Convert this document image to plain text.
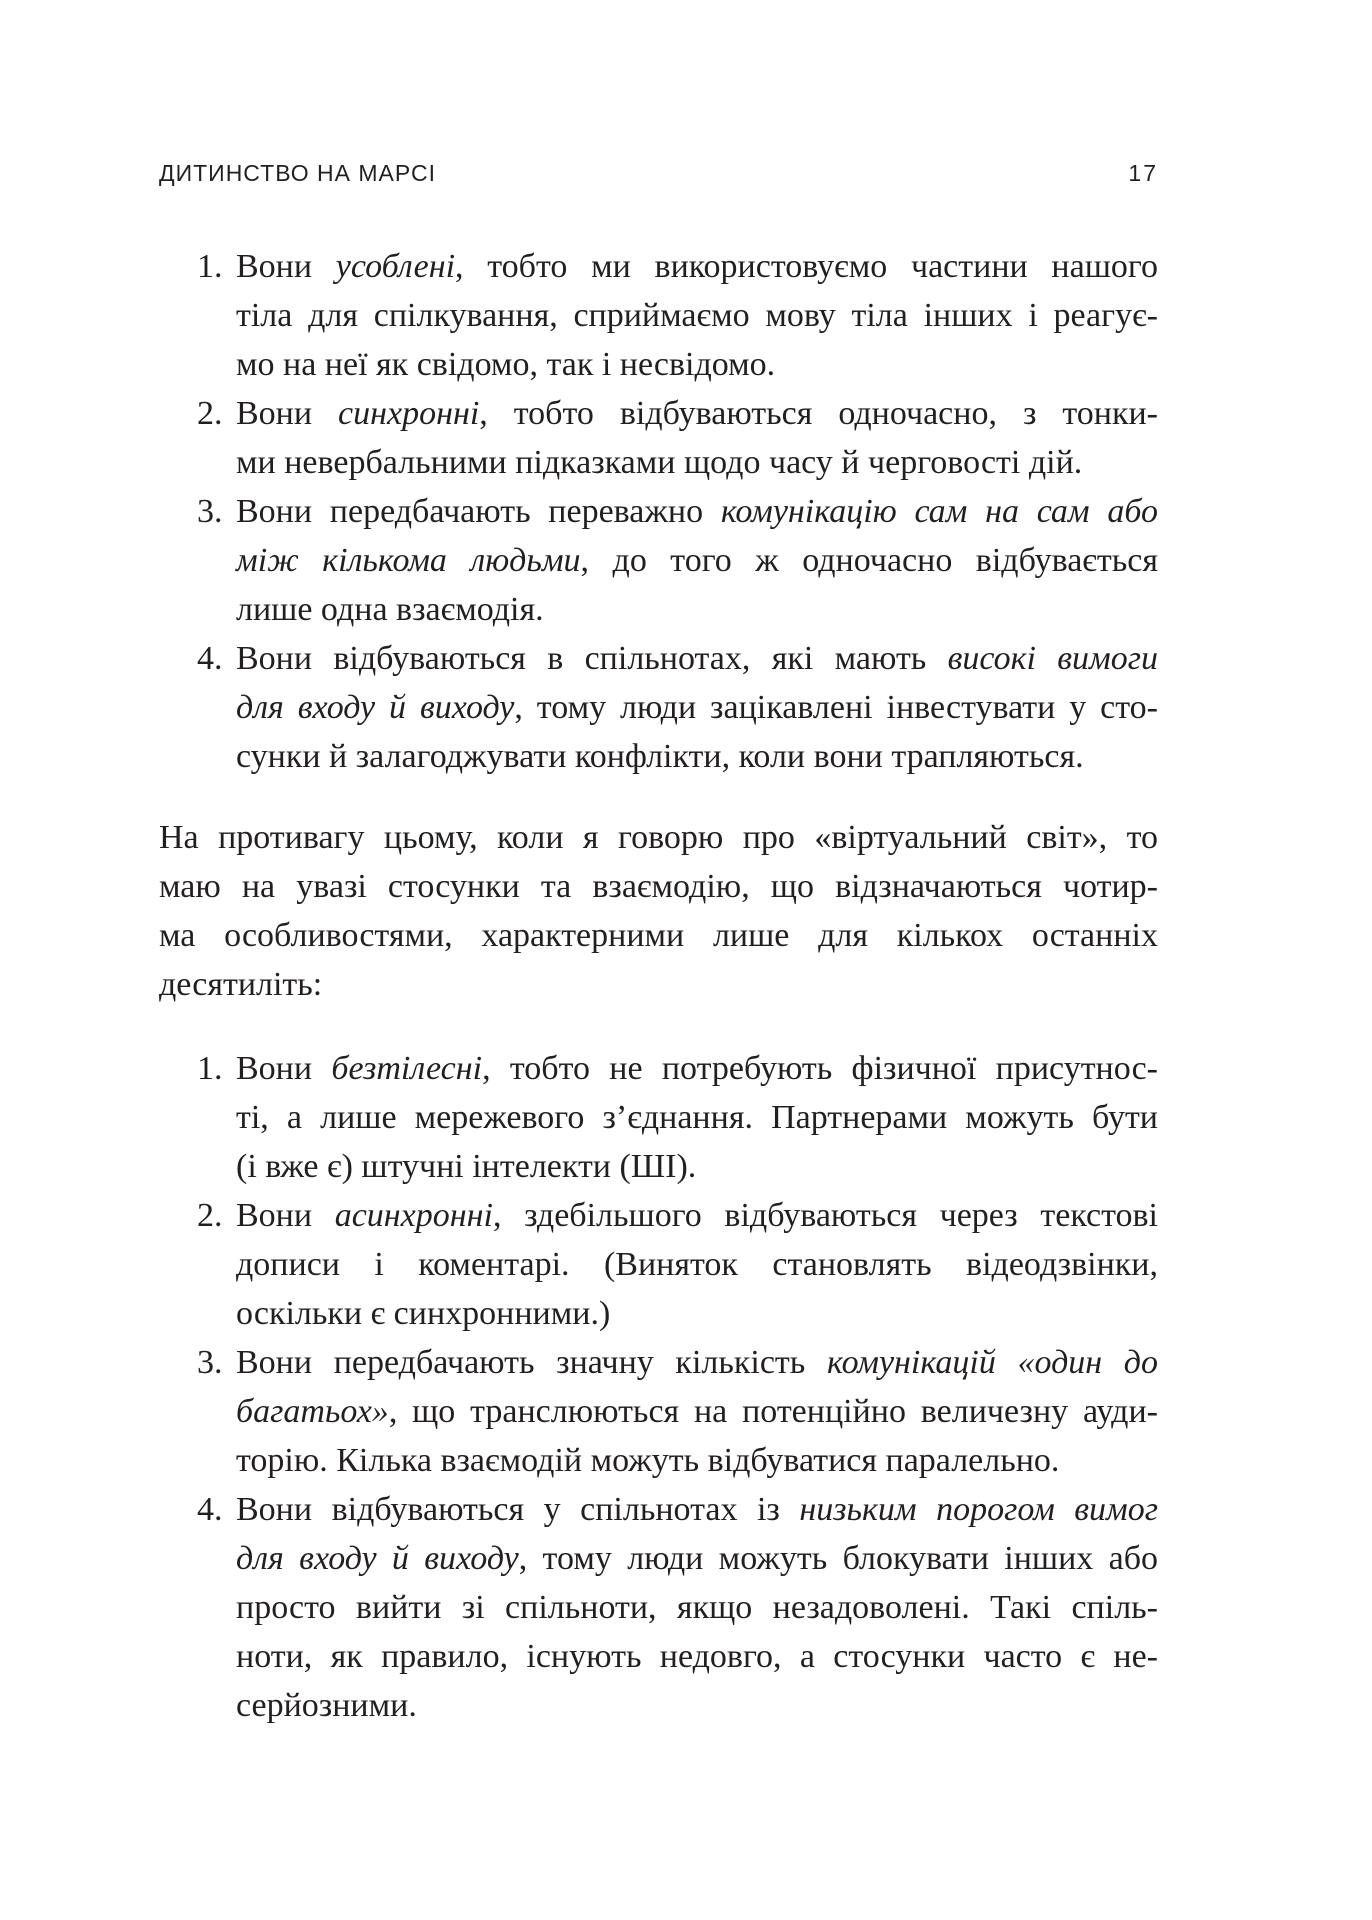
ДИТИНСТВО НА МАРСІ	17
1. Вони усоблені, тобто ми використовуємо частини нашого
тіла для спілкування, сприймаємо мову тіла інших і реагує-
мо на неї як свідомо, так і несвідомо.
2. Вони синхронні, тобто відбуваються одночасно, з тонки-
ми невербальними підказками щодо часу й черговості дій.
3. Вони передбачають переважно комунікацію сам на сам або
між кількома людьми, до того ж одночасно відбувається
лише одна взаємодія.
4. Вони відбуваються в спільнотах, які мають високі вимоги
для входу й виходу, тому люди зацікавлені інвестувати у сто-
сунки й залагоджувати конфлікти, коли вони трапляються.
На противагу цьому, коли я говорю про «віртуальний світ», то
маю на увазі стосунки та взаємодію, що відзначаються чотир-
ма особливостями, характерними лише для кількох останніх
десятиліть:
1. Вони безтілесні, тобто не потребують фізичної присутнос-
ті, а лише мережевого з’єднання. Партнерами можуть бути
(і вже є) штучні інтелекти (ШІ).
2. Вони асинхронні, здебільшого відбуваються через текстові
дописи і коментарі. (Виняток становлять відеодзвінки,
оскільки є синхронними.)
3. Вони передбачають значну кількість комунікацій «один до
багатьох», що транслюються на потенційно величезну ауди-
торію. Кілька взаємодій можуть відбуватися паралельно.
4. Вони відбуваються у спільнотах із низьким порогом вимог
для входу й виходу, тому люди можуть блокувати інших або
просто вийти зі спільноти, якщо незадоволені. Такі спіль-
ноти, як правило, існують недовго, а стосунки часто є не-
серйозними.
